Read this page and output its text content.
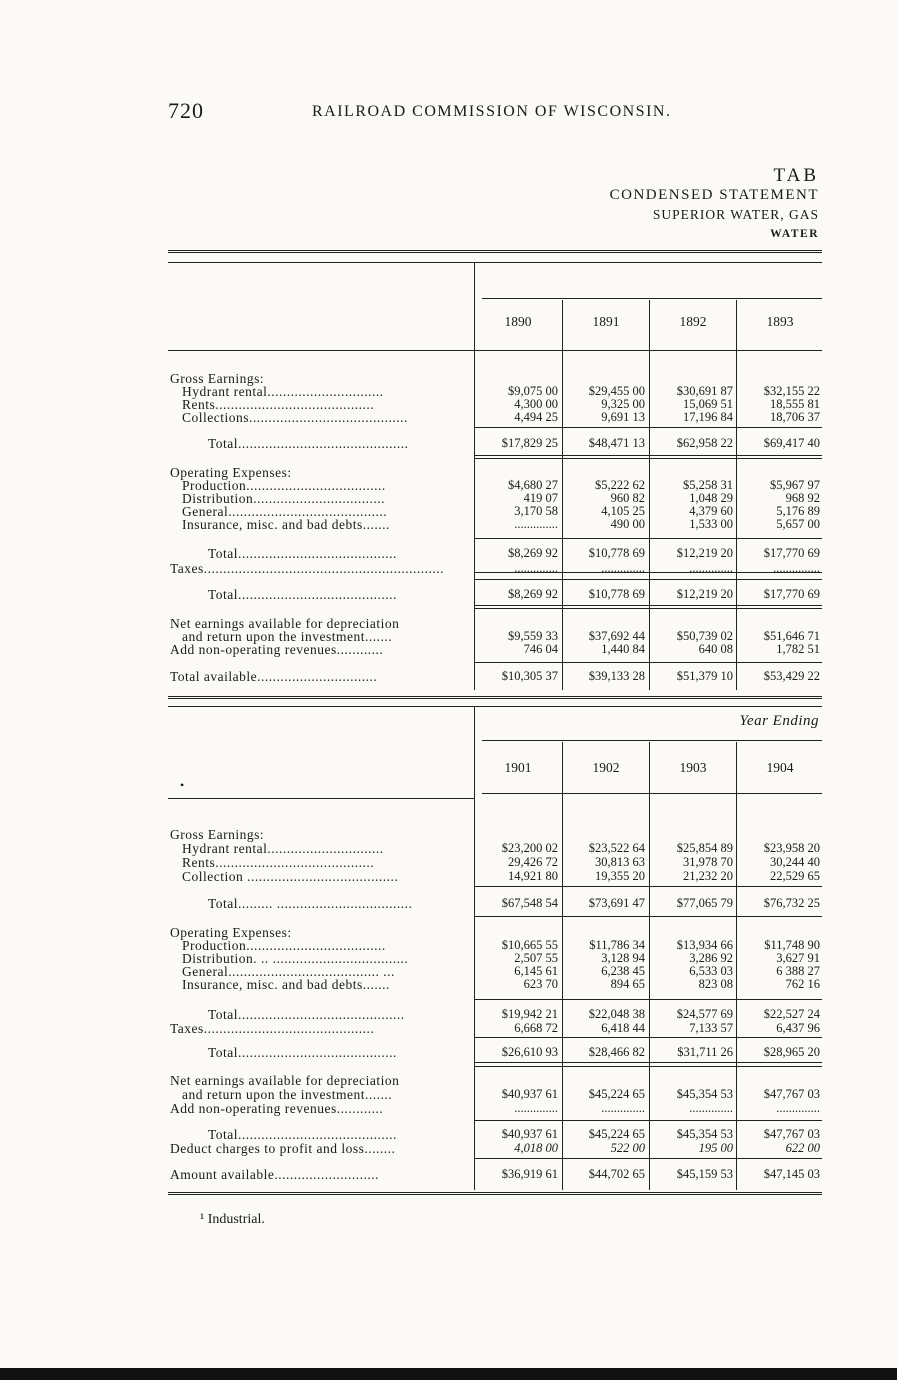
720	RAILROAD COMMISSION OF WISCONSIN.
TAB
CONDENSED STATEMENT
SUPERIOR WATER, GAS
WATER
Year Ending
¹ Industrial.
•
1890	1891	1892	1893
Gross Earnings:
Hydrant rental..............................	$9,075 00	$29,455 00	$30,691 87	$32,155 22
Rents.........................................	4,300 00	9,325 00	15,069 51	18,555 81
Collections.........................................	4,494 25	9,691 13	17,196 84	18,706 37
Total............................................	$17,829 25	$48,471 13	$62,958 22	$69,417 40
Operating Expenses:
Production....................................	$4,680 27	$5,222 62	$5,258 31	$5,967 97
Distribution..................................	419 07	960 82	1,048 29	968 92
General.........................................	3,170 58	4,105 25	4,379 60	5,176 89
Insurance, misc. and bad debts.......	..............	490 00	1,533 00	5,657 00
Total.........................................	$8,269 92	$10,778 69	$12,219 20	$17,770 69
Taxes..............................................................	..............	..............	..............	...............
Total.........................................	$8,269 92	$10,778 69	$12,219 20	$17,770 69
Net earnings available for depreciation
and return upon the investment.......	$9,559 33	$37,692 44	$50,739 02	$51,646 71
Add non-operating revenues............	746 04	1,440 84	640 08	1,782 51
Total available...............................	$10,305 37	$39,133 28	$51,379 10	$53,429 22
1901	1902	1903	1904
Gross Earnings:
Hydrant rental..............................	$23,200 02	$23,522 64	$25,854 89	$23,958 20
Rents.........................................	29,426 72	30,813 63	31,978 70	30,244 40
Collection .......................................	14,921 80	19,355 20	21,232 20	22,529 65
Total......... ...................................	$67,548 54	$73,691 47	$77,065 79	$76,732 25
Operating Expenses:
Production....................................	$10,665 55	$11,786 34	$13,934 66	$11,748 90
Distribution. .. ...................................	2,507 55	3,128 94	3,286 92	3,627 91
General....................................... ...	6,145 61	6,238 45	6,533 03	6 388 27
Insurance, misc. and bad debts.......	623 70	894 65	823 08	762 16
Total...........................................	$19,942 21	$22,048 38	$24,577 69	$22,527 24
Taxes............................................	6,668 72	6,418 44	7,133 57	6,437 96
Total.........................................	$26,610 93	$28,466 82	$31,711 26	$28,965 20
Net earnings available for depreciation
and return upon the investment.......	$40,937 61	$45,224 65	$45,354 53	$47,767 03
Add non-operating revenues............	..............	..............	..............	..............
Total.........................................	$40,937 61	$45,224 65	$45,354 53	$47,767 03
Deduct charges to profit and loss........	4,018 00	522 00	195 00	622 00
Amount available...........................	$36,919 61	$44,702 65	$45,159 53	$47,145 03
